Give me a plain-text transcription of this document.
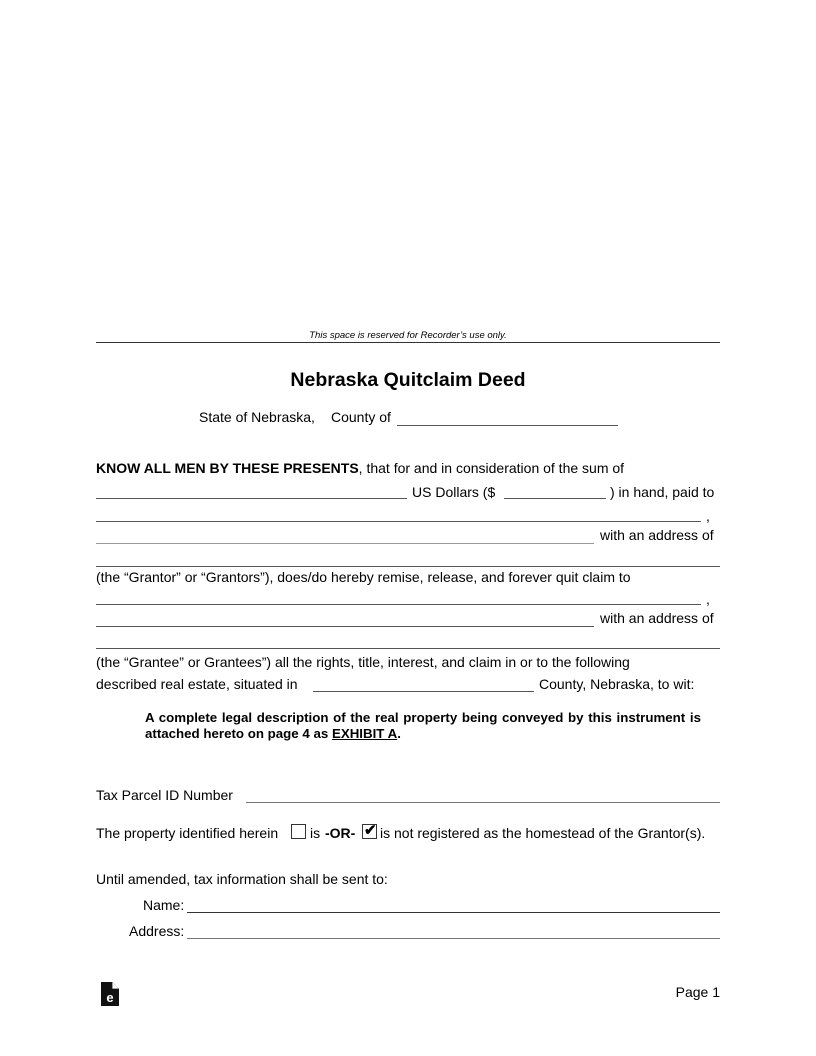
This space is reserved for Recorder’s use only.
Nebraska Quitclaim Deed
State of Nebraska, County of
KNOW ALL MEN BY THESE PRESENTS, that for and in consideration of the sum of
US Dollars ($	) in hand, paid to
,
with an address of
(the “Grantor” or “Grantors”), does/do hereby remise, release, and forever quit claim to
,
with an address of
(the “Grantee” or Grantees”) all the rights, title, interest, and claim in or to the following
described real estate, situated in	County, Nebraska, to wit:
A complete legal description of the real property being conveyed by this instrument is attached hereto on page 4 as EXHIBIT A.
Tax Parcel ID Number
The property identified herein is -OR- ✔ is not registered as the homestead of the Grantor(s).
Until amended, tax information shall be sent to:
Name:
Address:
e	Page 1
